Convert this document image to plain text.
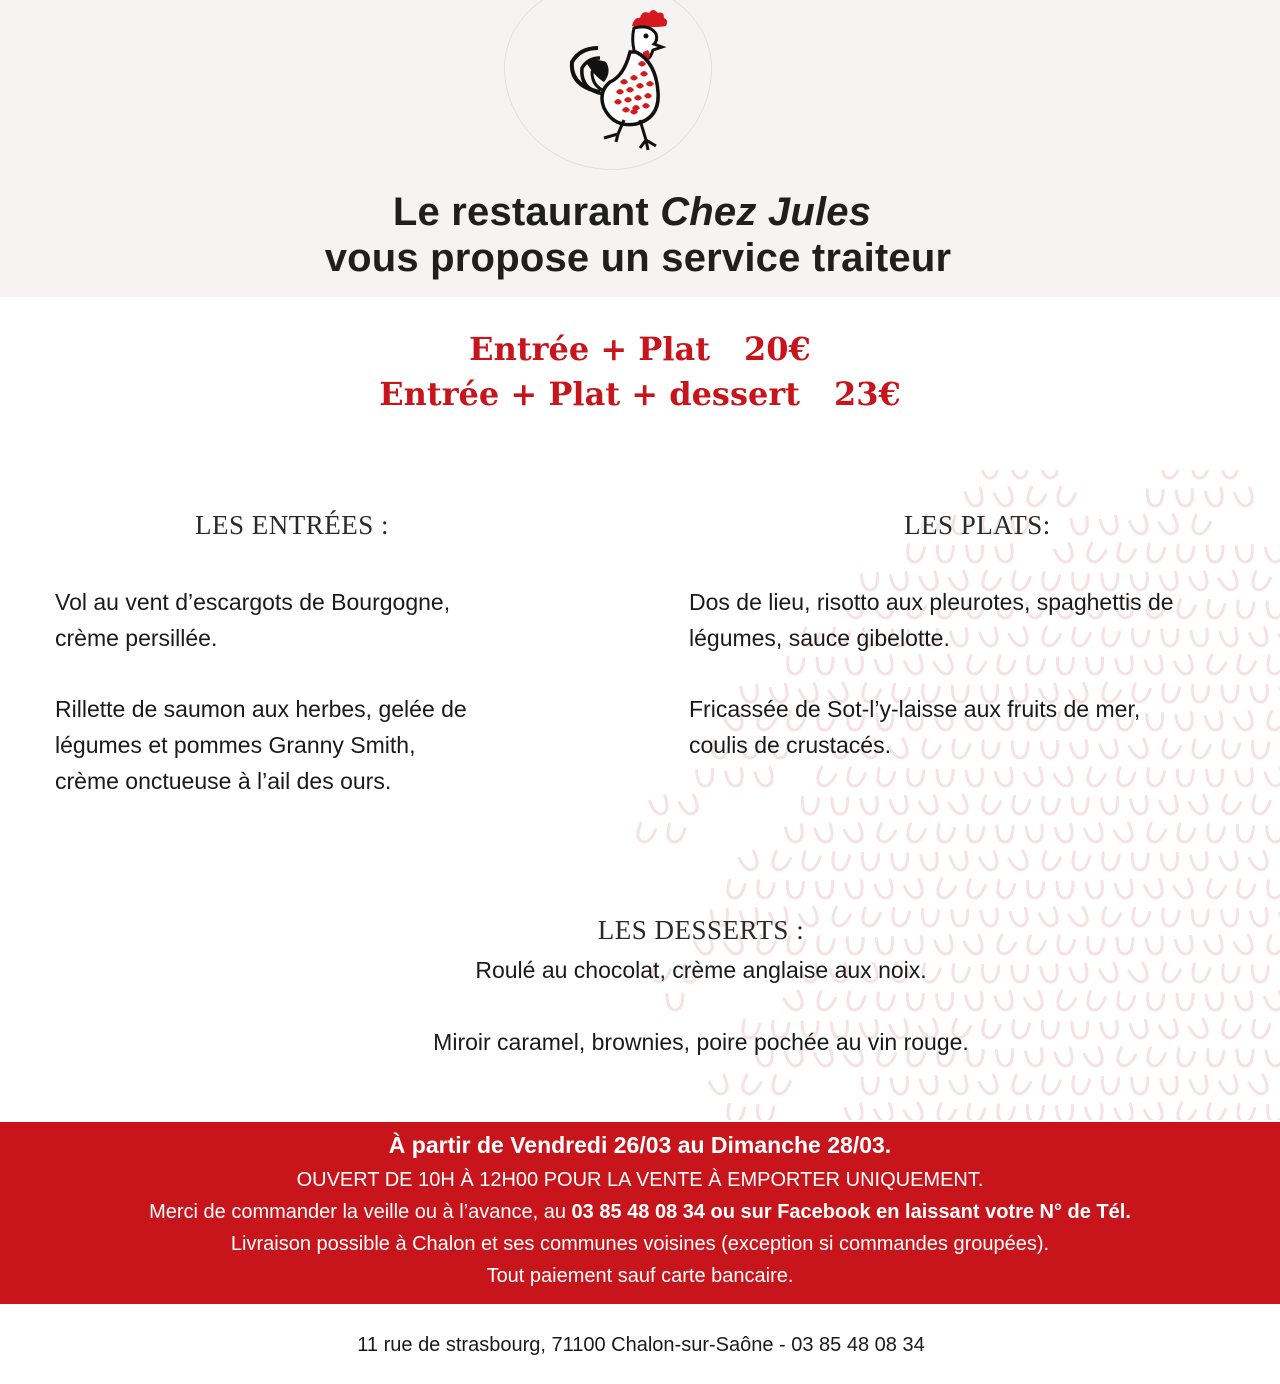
Le restaurant Chez Jules
vous propose un service traiteur
Entrée + Plat 20€
Entrée + Plat + dessert 23€
LES ENTRÉES :
Vol au vent d’escargots de Bourgogne,
crème persillée.
Rillette de saumon aux herbes, gelée de
légumes et pommes Granny Smith,
crème onctueuse à l’ail des ours.
LES PLATS:
Dos de lieu, risotto aux pleurotes, spaghettis de
légumes, sauce gibelotte.
Fricassée de Sot-l’y-laisse aux fruits de mer,
coulis de crustacés.
LES DESSERTS :
Roulé au chocolat, crème anglaise aux noix.
Miroir caramel, brownies, poire pochée au vin rouge.
À partir de Vendredi 26/03 au Dimanche 28/03.
OUVERT DE 10H À 12H00 POUR LA VENTE À EMPORTER UNIQUEMENT.
Merci de commander la veille ou à l’avance, au 03 85 48 08 34 ou sur Facebook en laissant votre N° de Tél.
Livraison possible à Chalon et ses communes voisines (exception si commandes groupées).
Tout paiement sauf carte bancaire.
11 rue de strasbourg, 71100 Chalon-sur-Saône - 03 85 48 08 34
